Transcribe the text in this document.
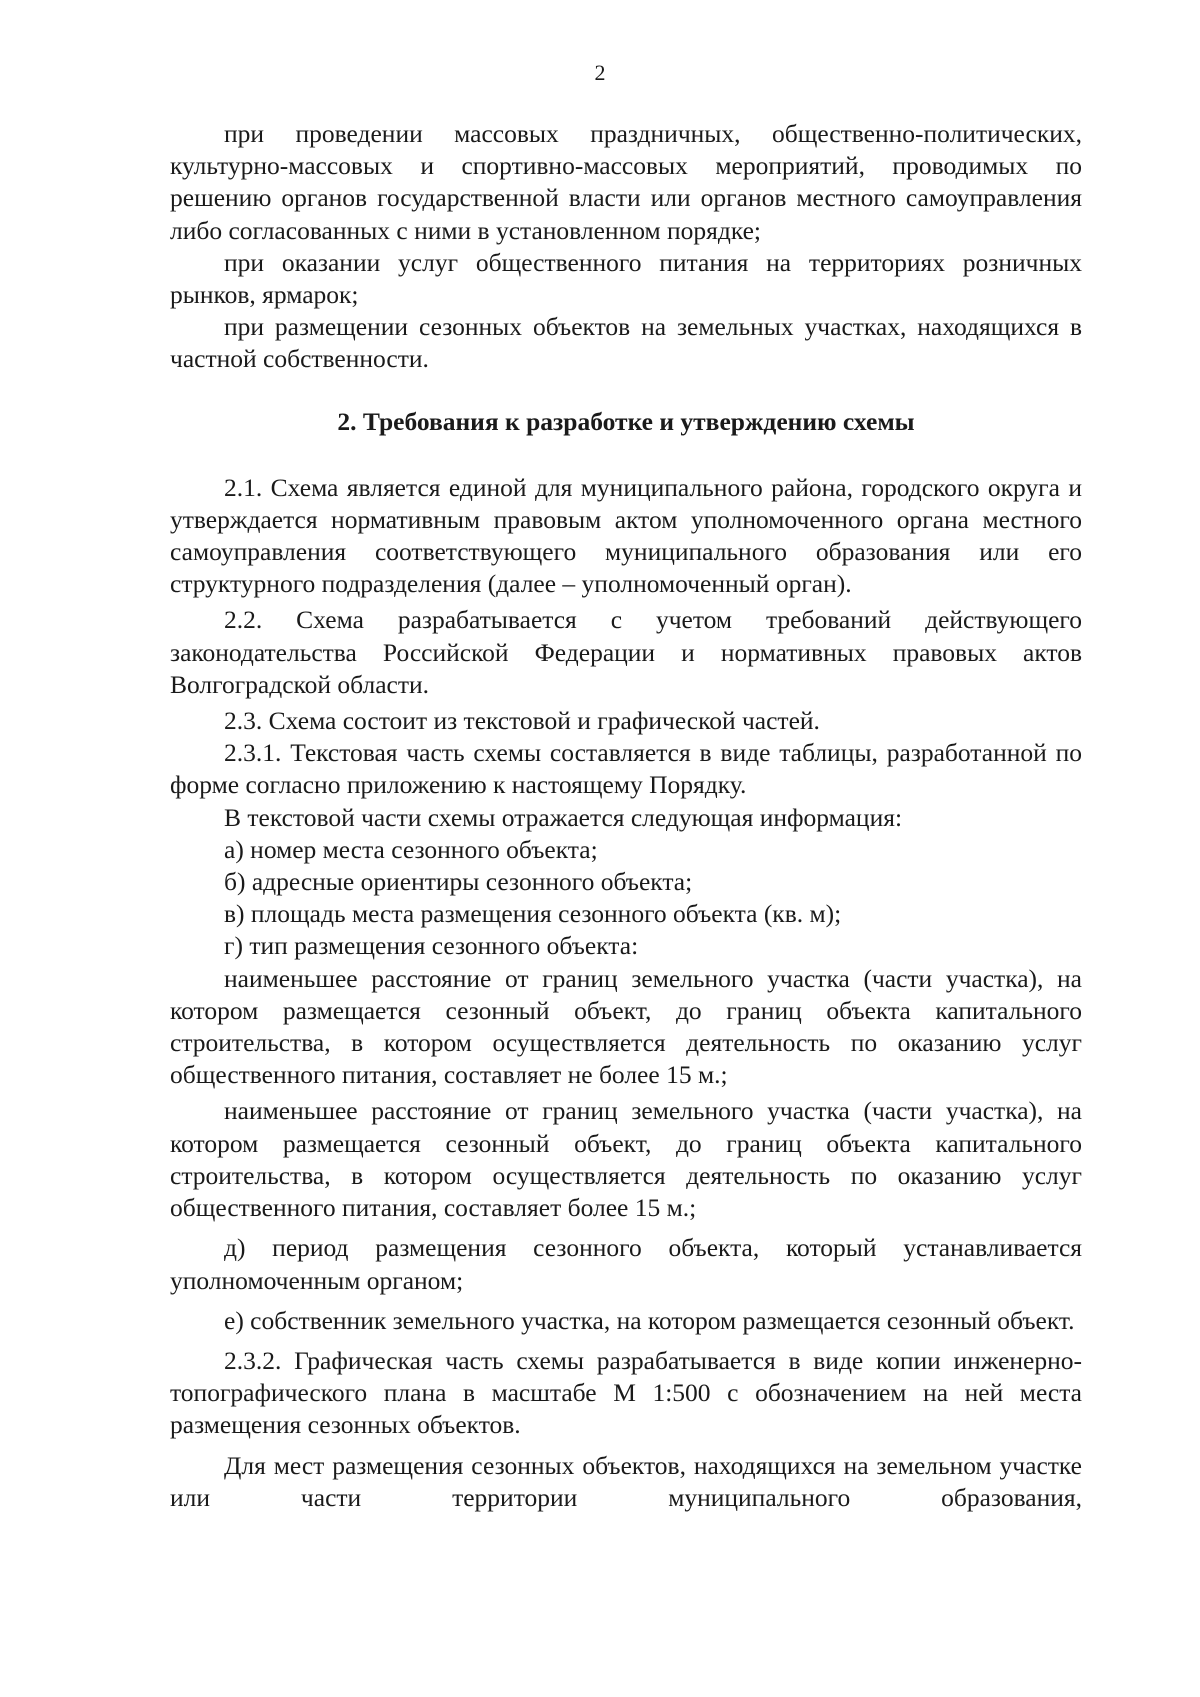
2

при проведении массовых праздничных, общественно-политических, культурно-массовых и спортивно-массовых мероприятий, проводимых по решению органов государственной власти или органов местного самоуправления либо согласованных с ними в установленном порядке;

при оказании услуг общественного питания на территориях розничных рынков, ярмарок;

при размещении сезонных объектов на земельных участках, находящихся в частной собственности.

2. Требования к разработке и утверждению схемы

2.1. Схема является единой для муниципального района, городского округа и утверждается нормативным правовым актом уполномоченного органа местного самоуправления соответствующего муниципального образования или его структурного подразделения (далее – уполномоченный орган).

2.2. Схема разрабатывается с учетом требований действующего законодательства Российской Федерации и нормативных правовых актов Волгоградской области.

2.3. Схема состоит из текстовой и графической частей.

2.3.1. Текстовая часть схемы составляется в виде таблицы, разработанной по форме согласно приложению к настоящему Порядку.

В текстовой части схемы отражается следующая информация:

а) номер места сезонного объекта;

б) адресные ориентиры сезонного объекта;

в) площадь места размещения сезонного объекта (кв. м);

г) тип размещения сезонного объекта:

наименьшее расстояние от границ земельного участка (части участка), на котором размещается сезонный объект, до границ объекта капитального строительства, в котором осуществляется деятельность по оказанию услуг общественного питания, составляет не более 15 м.;

наименьшее расстояние от границ земельного участка (части участка), на котором размещается сезонный объект, до границ объекта капитального строительства, в котором осуществляется деятельность по оказанию услуг общественного питания, составляет более 15 м.;

д) период размещения сезонного объекта, который устанавливается уполномоченным органом;

е) собственник земельного участка, на котором размещается сезонный объект.

2.3.2. Графическая часть схемы разрабатывается в виде копии инженерно-топографического плана в масштабе М 1:500 с обозначением на ней места размещения сезонных объектов.

Для мест размещения сезонных объектов, находящихся на земельном участке или части территории муниципального образования,
